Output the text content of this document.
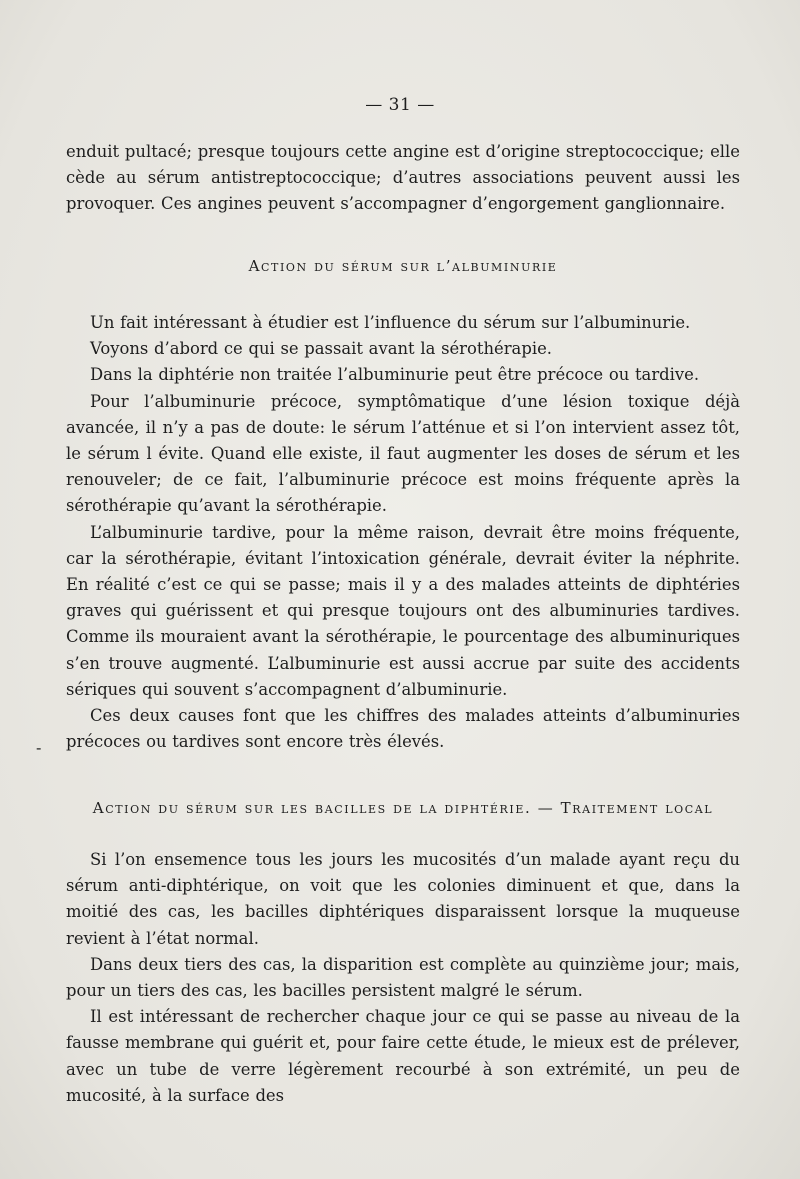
— 31 —

enduit pultacé; presque toujours cette angine est d’origine streptococcique; elle cède au sérum antistreptococcique; d’autres associations peuvent aussi les provoquer. Ces angines peuvent s’accompagner d’engorgement ganglionnaire.

Action du sérum sur l’albuminurie

Un fait intéressant à étudier est l’influence du sérum sur l’albuminurie.

Voyons d’abord ce qui se passait avant la sérothérapie.

Dans la diphtérie non traitée l’albuminurie peut être précoce ou tardive.

Pour l’albuminurie précoce, symptômatique d’une lésion toxique déjà avancée, il n’y a pas de doute: le sérum l’atténue et si l’on intervient assez tôt, le sérum l évite. Quand elle existe, il faut augmenter les doses de sérum et les renouveler; de ce fait, l’albuminurie précoce est moins fréquente après la sérothérapie qu’avant la sérothérapie.

L’albuminurie tardive, pour la même raison, devrait être moins fréquente, car la sérothérapie, évitant l’intoxication générale, devrait éviter la néphrite. En réalité c’est ce qui se passe; mais il y a des malades atteints de diphtéries graves qui guérissent et qui presque toujours ont des albuminuries tardives. Comme ils mouraient avant la sérothérapie, le pourcentage des albuminuriques s’en trouve augmenté. L’albuminurie est aussi accrue par suite des accidents sériques qui souvent s’accompagnent d’albuminurie.

Ces deux causes font que les chiffres des malades atteints d’albuminuries précoces ou tardives sont encore très élevés.

-
Action du sérum sur les bacilles de la diphtérie. — Traitement local

Si l’on ensemence tous les jours les mucosités d’un malade ayant reçu du sérum anti-diphtérique, on voit que les colonies diminuent et que, dans la moitié des cas, les bacilles diphtériques disparaissent lorsque la muqueuse revient à l’état normal.

Dans deux tiers des cas, la disparition est complète au quinzième jour; mais, pour un tiers des cas, les bacilles persistent malgré le sérum.

Il est intéressant de rechercher chaque jour ce qui se passe au niveau de la fausse membrane qui guérit et, pour faire cette étude, le mieux est de prélever, avec un tube de verre légèrement recourbé à son extrémité, un peu de mucosité, à la surface des
